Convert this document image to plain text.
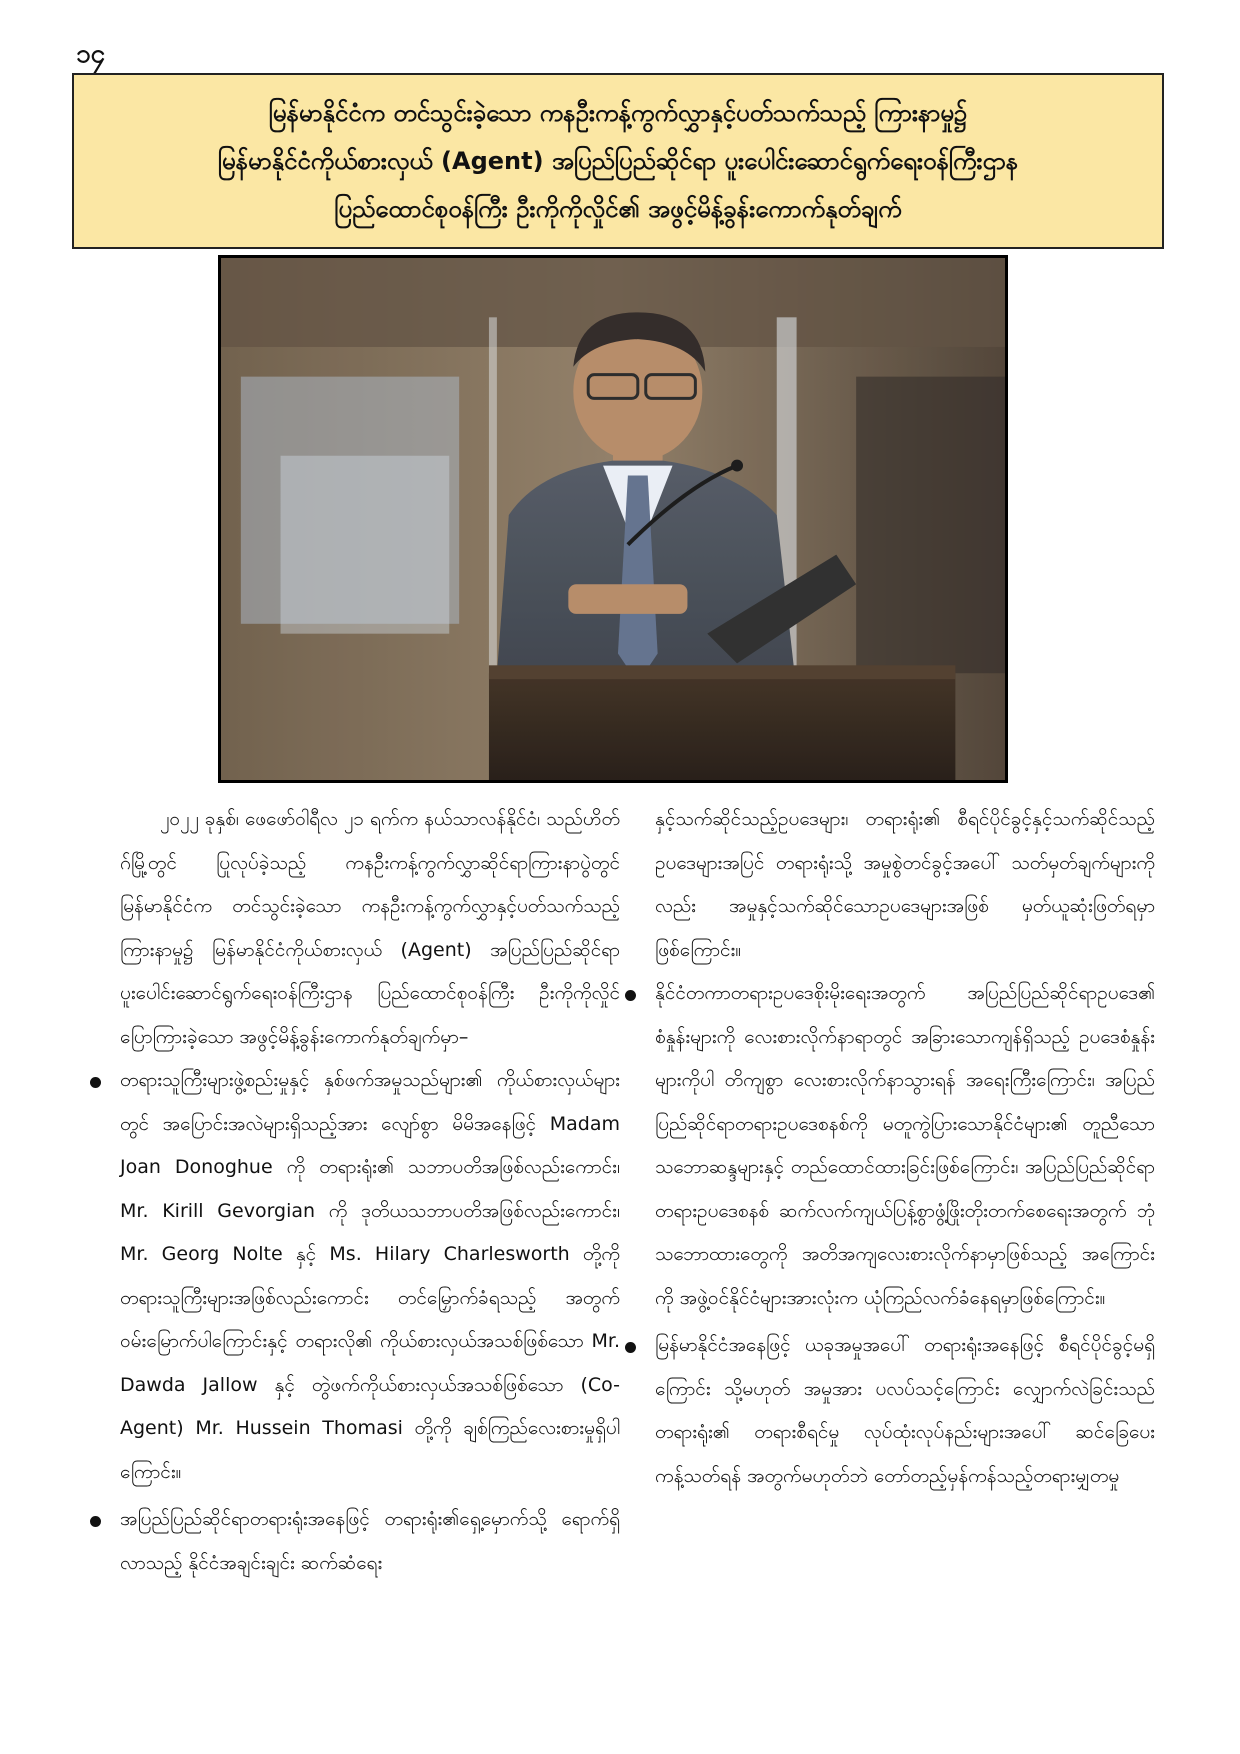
၁၄
မြန်မာနိုင်ငံက တင်သွင်းခဲ့သော ကနဦးကန့်ကွက်လွှာနှင့်ပတ်သက်သည့် ကြားနာမှု၌
မြန်မာနိုင်ငံကိုယ်စားလှယ် (Agent) အပြည်ပြည်ဆိုင်ရာ ပူးပေါင်းဆောင်ရွက်ရေးဝန်ကြီးဌာန
ပြည်ထောင်စုဝန်ကြီး ဦးကိုကိုလှိုင်၏ အဖွင့်မိန့်ခွန်းကောက်နုတ်ချက်

၂၀၂၂ ခုနှစ်၊ ဖေဖော်ဝါရီလ ၂၁ ရက်က နယ်သာလန်နိုင်ငံ၊ သည်ဟိတ်ဂ်မြို့တွင် ပြုလုပ်ခဲ့သည့် ကနဦးကန့်ကွက်လွှာဆိုင်ရာကြားနာပွဲတွင် မြန်မာနိုင်ငံက တင်သွင်းခဲ့သော ကနဦးကန့်ကွက်လွှာနှင့်ပတ်သက်သည့်ကြားနာမှု၌ မြန်မာနိုင်ငံကိုယ်စားလှယ် (Agent) အပြည်ပြည်ဆိုင်ရာပူးပေါင်းဆောင်ရွက်ရေးဝန်ကြီးဌာန ပြည်ထောင်စုဝန်ကြီး ဦးကိုကိုလှိုင် ပြောကြားခဲ့သော အဖွင့်မိန့်ခွန်းကောက်နုတ်ချက်မှာ–

တရားသူကြီးများဖွဲ့စည်းမှုနှင့် နှစ်ဖက်အမှုသည်များ၏ ကိုယ်စားလှယ်များတွင် အပြောင်းအလဲများရှိသည့်အား လျော်စွာ မိမိအနေဖြင့် Madam Joan Donoghue ကို တရားရုံး၏ သဘာပတိအဖြစ်လည်းကောင်း၊ Mr. Kirill Gevorgian ကို ဒုတိယသဘာပတိအဖြစ်လည်းကောင်း၊ Mr. Georg Nolte နှင့် Ms. Hilary Charlesworth တို့ကို တရားသူကြီးများအဖြစ်လည်းကောင်း တင်မြှောက်ခံရသည့် အတွက် ဝမ်းမြောက်ပါကြောင်းနှင့် တရားလို၏ ကိုယ်စားလှယ်အသစ်ဖြစ်သော Mr. Dawda Jallow နှင့် တွဲဖက်ကိုယ်စားလှယ်အသစ်ဖြစ်သော (Co-Agent) Mr. Hussein Thomasi တို့ကို ချစ်ကြည်လေးစားမှုရှိပါကြောင်း။
အပြည်ပြည်ဆိုင်ရာတရားရုံးအနေဖြင့် တရားရုံး၏ရှေ့မှောက်သို့ ရောက်ရှိလာသည့် နိုင်ငံအချင်းချင်း ဆက်ဆံရေး

နှင့်သက်ဆိုင်သည့်ဥပဒေများ၊ တရားရုံး၏ စီရင်ပိုင်ခွင့်နှင့်သက်ဆိုင်သည့် ဥပဒေများအပြင် တရားရုံးသို့ အမှုစွဲတင်ခွင့်အပေါ် သတ်မှတ်ချက်များကိုလည်း အမှုနှင့်သက်ဆိုင်သောဥပဒေများအဖြစ် မှတ်ယူဆုံးဖြတ်ရမှာဖြစ်ကြောင်း။

နိုင်ငံတကာတရားဥပဒေစိုးမိုးရေးအတွက် အပြည်ပြည်ဆိုင်ရာဥပဒေ၏ စံနှုန်းများကို လေးစားလိုက်နာရာတွင် အခြားသောကျန်ရှိသည့် ဥပဒေစံနှုန်းများကိုပါ တိကျစွာ လေးစားလိုက်နာသွားရန် အရေးကြီးကြောင်း၊ အပြည်ပြည်ဆိုင်ရာတရားဥပဒေစနစ်ကို မတူကွဲပြားသောနိုင်ငံများ၏ တူညီသောသဘောဆန္ဒများနှင့် တည်ထောင်ထားခြင်းဖြစ်ကြောင်း၊ အပြည်ပြည်ဆိုင်ရာတရားဥပဒေစနစ် ဆက်လက်ကျယ်ပြန့်စွာဖွံ့ဖြိုးတိုးတက်စေရေးအတွက် ဘုံသဘောထားတွေကို အတိအကျလေးစားလိုက်နာမှာဖြစ်သည့် အကြောင်းကို အဖွဲ့ဝင်နိုင်ငံများအားလုံးက ယုံကြည်လက်ခံနေရမှာဖြစ်ကြောင်း။
မြန်မာနိုင်ငံအနေဖြင့် ယခုအမှုအပေါ် တရားရုံးအနေဖြင့် စီရင်ပိုင်ခွင့်မရှိကြောင်း သို့မဟုတ် အမှုအား ပလပ်သင့်ကြောင်း လျှောက်လဲခြင်းသည် တရားရုံး၏ တရားစီရင်မှု လုပ်ထုံးလုပ်နည်းများအပေါ် ဆင်ခြေပေးကန့်သတ်ရန် အတွက်မဟုတ်ဘဲ တော်တည့်မှန်ကန်သည့်တရားမျှတမှု
